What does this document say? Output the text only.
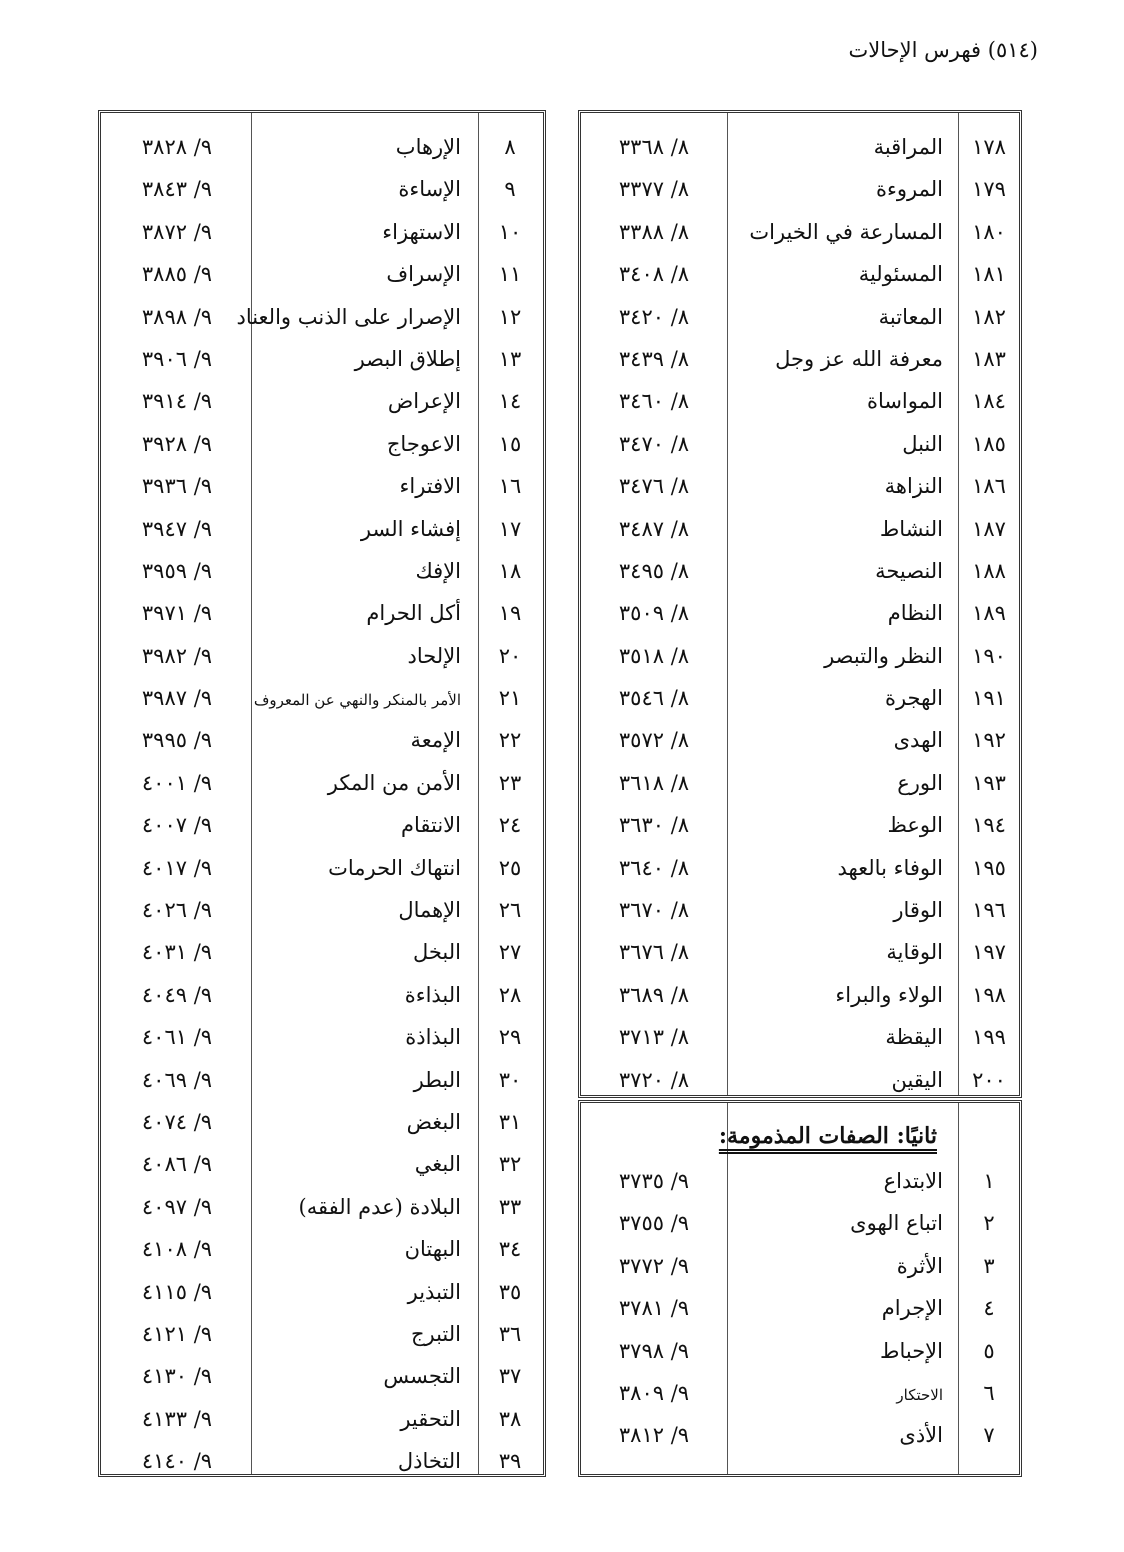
(٥١٤) فهرس الإحالات
١٧٨
المراقبة
٨/ ٣٣٦٨
١٧٩
المروءة
٨/ ٣٣٧٧
١٨٠
المسارعة في الخيرات
٨/ ٣٣٨٨
١٨١
المسئولية
٨/ ٣٤٠٨
١٨٢
المعاتبة
٨/ ٣٤٢٠
١٨٣
معرفة الله عز وجل
٨/ ٣٤٣٩
١٨٤
المواساة
٨/ ٣٤٦٠
١٨٥
النبل
٨/ ٣٤٧٠
١٨٦
النزاهة
٨/ ٣٤٧٦
١٨٧
النشاط
٨/ ٣٤٨٧
١٨٨
النصيحة
٨/ ٣٤٩٥
١٨٩
النظام
٨/ ٣٥٠٩
١٩٠
النظر والتبصر
٨/ ٣٥١٨
١٩١
الهجرة
٨/ ٣٥٤٦
١٩٢
الهدى
٨/ ٣٥٧٢
١٩٣
الورع
٨/ ٣٦١٨
١٩٤
الوعظ
٨/ ٣٦٣٠
١٩٥
الوفاء بالعهد
٨/ ٣٦٤٠
١٩٦
الوقار
٨/ ٣٦٧٠
١٩٧
الوقاية
٨/ ٣٦٧٦
١٩٨
الولاء والبراء
٨/ ٣٦٨٩
١٩٩
اليقظة
٨/ ٣٧١٣
٢٠٠
اليقين
٨/ ٣٧٢٠
ثانيًا: الصفات المذمومة:
١
الابتداع
٩/ ٣٧٣٥
٢
اتباع الهوى
٩/ ٣٧٥٥
٣
الأثرة
٩/ ٣٧٧٢
٤
الإجرام
٩/ ٣٧٨١
٥
الإحباط
٩/ ٣٧٩٨
٦
الاحتكار
٩/ ٣٨٠٩
٧
الأذى
٩/ ٣٨١٢
٨
الإرهاب
٩/ ٣٨٢٨
٩
الإساءة
٩/ ٣٨٤٣
١٠
الاستهزاء
٩/ ٣٨٧٢
١١
الإسراف
٩/ ٣٨٨٥
١٢
الإصرار على الذنب والعناد
٩/ ٣٨٩٨
١٣
إطلاق البصر
٩/ ٣٩٠٦
١٤
الإعراض
٩/ ٣٩١٤
١٥
الاعوجاج
٩/ ٣٩٢٨
١٦
الافتراء
٩/ ٣٩٣٦
١٧
إفشاء السر
٩/ ٣٩٤٧
١٨
الإفك
٩/ ٣٩٥٩
١٩
أكل الحرام
٩/ ٣٩٧١
٢٠
الإلحاد
٩/ ٣٩٨٢
٢١
الأمر بالمنكر والنهي عن المعروف
٩/ ٣٩٨٧
٢٢
الإمعة
٩/ ٣٩٩٥
٢٣
الأمن من المكر
٩/ ٤٠٠١
٢٤
الانتقام
٩/ ٤٠٠٧
٢٥
انتهاك الحرمات
٩/ ٤٠١٧
٢٦
الإهمال
٩/ ٤٠٢٦
٢٧
البخل
٩/ ٤٠٣١
٢٨
البذاءة
٩/ ٤٠٤٩
٢٩
البذاذة
٩/ ٤٠٦١
٣٠
البطر
٩/ ٤٠٦٩
٣١
البغض
٩/ ٤٠٧٤
٣٢
البغي
٩/ ٤٠٨٦
٣٣
البلادة (عدم الفقه)
٩/ ٤٠٩٧
٣٤
البهتان
٩/ ٤١٠٨
٣٥
التبذير
٩/ ٤١١٥
٣٦
التبرج
٩/ ٤١٢١
٣٧
التجسس
٩/ ٤١٣٠
٣٨
التحقير
٩/ ٤١٣٣
٣٩
التخاذل
٩/ ٤١٤٠
